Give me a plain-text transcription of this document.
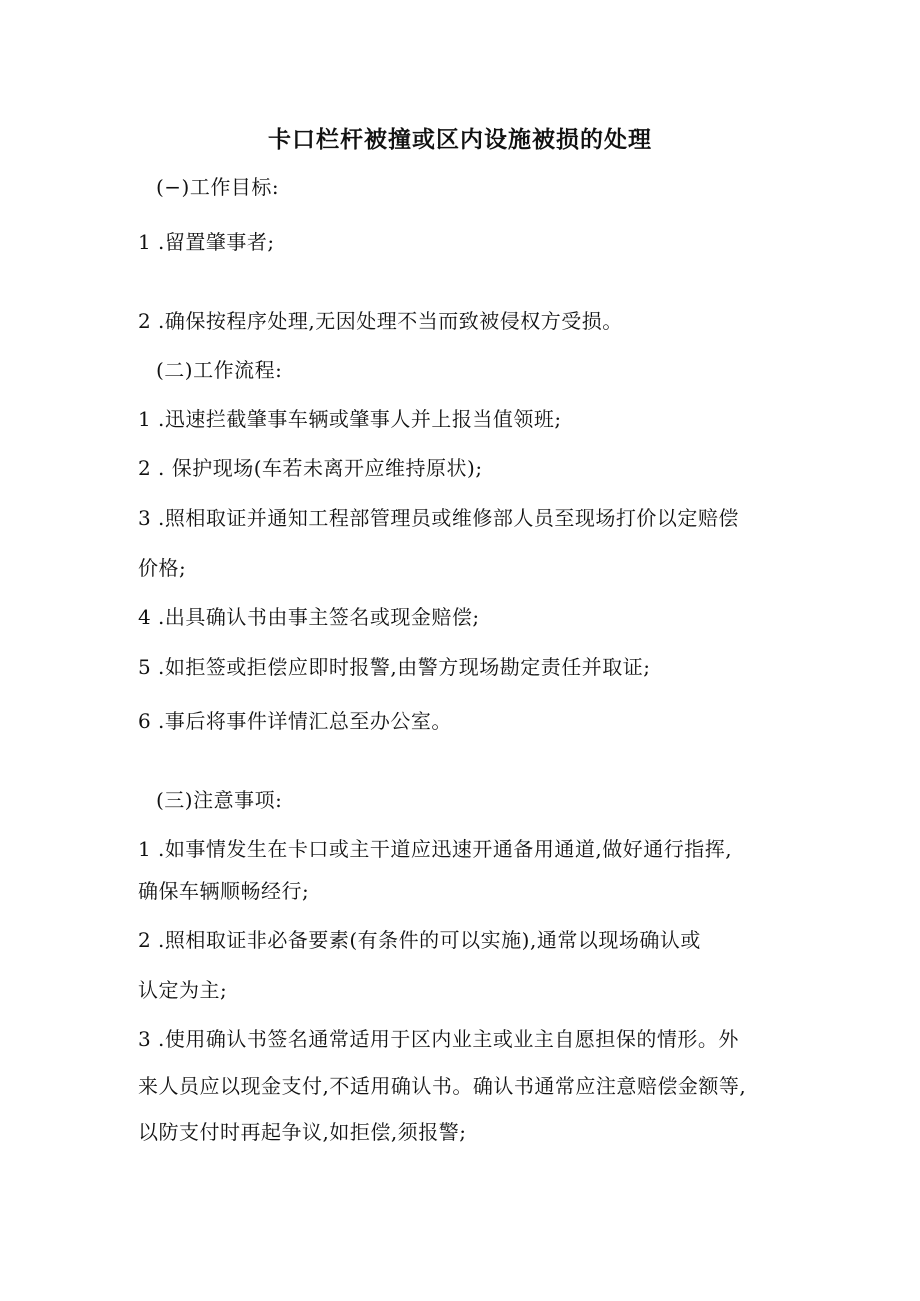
卡口栏杆被撞或区内设施被损的处理
(−)工作目标:
1 .留置肇事者;
2 .确保按程序处理,无因处理不当而致被侵权方受损。
(二)工作流程:
1 .迅速拦截肇事车辆或肇事人并上报当值领班;
2 . 保护现场(车若未离开应维持原状);
3 .照相取证并通知工程部管理员或维修部人员至现场打价以定赔偿
价格;
4 .出具确认书由事主签名或现金赔偿;
5 .如拒签或拒偿应即时报警,由警方现场勘定责任并取证;
6 .事后将事件详情汇总至办公室。
(三)注意事项:
1 .如事情发生在卡口或主干道应迅速开通备用通道,做好通行指挥,
确保车辆顺畅经行;
2 .照相取证非必备要素(有条件的可以实施),通常以现场确认或
认定为主;
3 .使用确认书签名通常适用于区内业主或业主自愿担保的情形。外
来人员应以现金支付,不适用确认书。确认书通常应注意赔偿金额等,
以防支付时再起争议,如拒偿,须报警;
